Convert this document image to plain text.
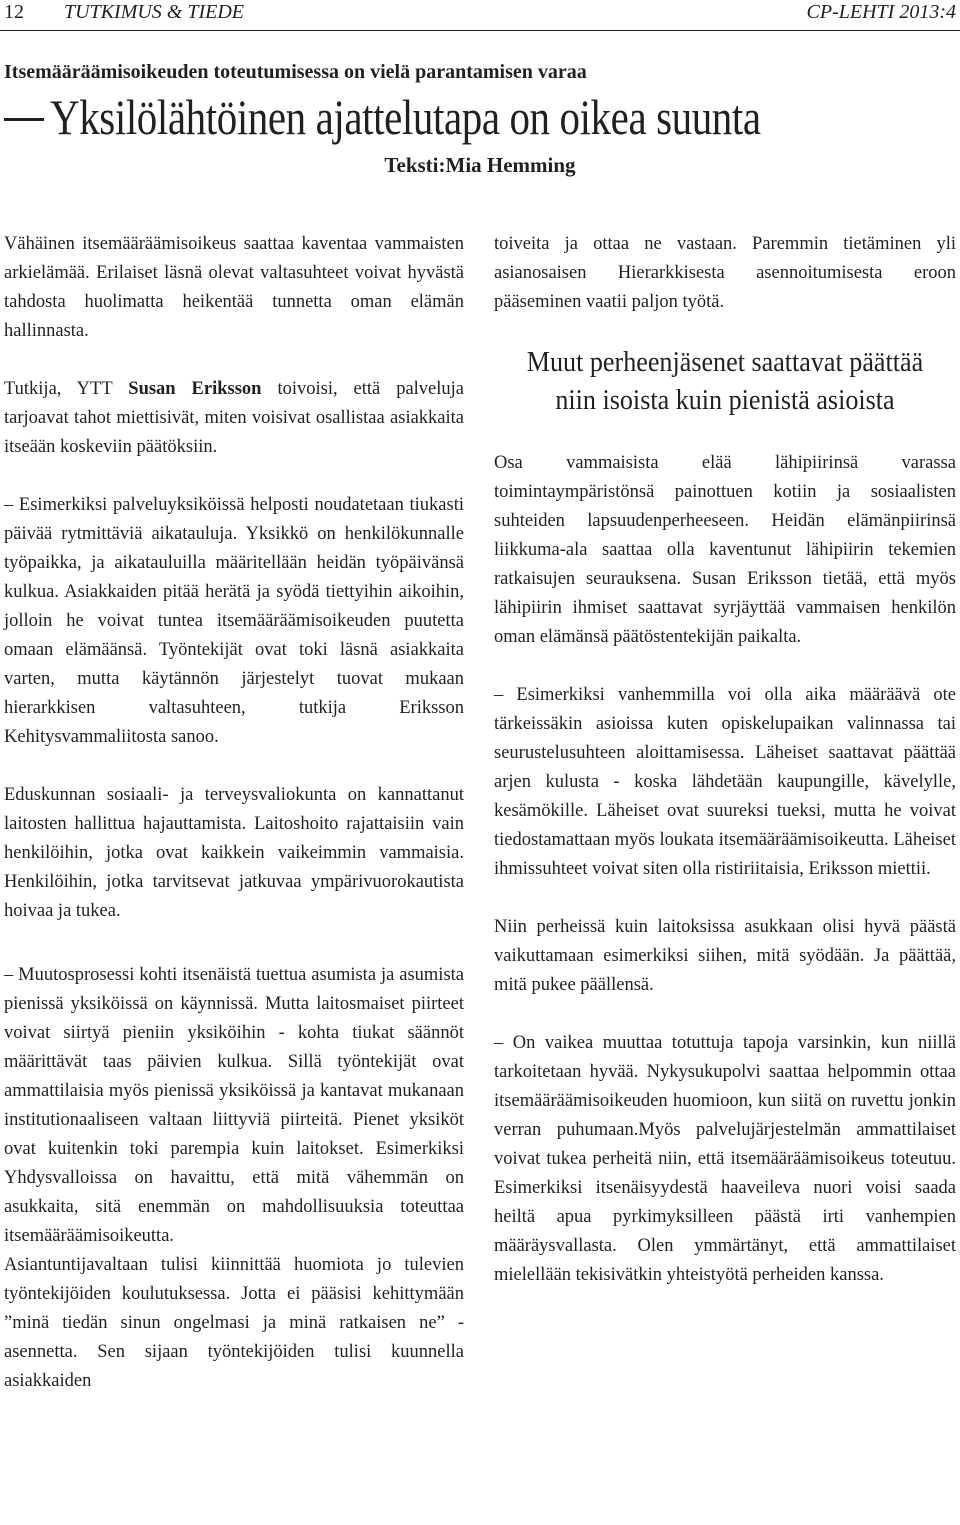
12 TUTKIMUS & TIEDE	CP-LEHTI 2013:4
Itsemääräämisoikeuden toteutumisessa on vielä parantamisen varaa
Yksilölähtöinen ajattelutapa on oikea suunta
Teksti:Mia Hemming

Vähäinen itsemääräämisoikeus saattaa kaventaa vammaisten arkielämää. Erilaiset läsnä olevat valtasuhteet voivat hyvästä tahdosta huolimatta heikentää tunnetta oman elämän hallinnasta.

Tutkija, YTT Susan Eriksson toivoisi, että palveluja tarjoavat tahot miettisivät, miten voisivat osallistaa asiakkaita itseään koskeviin päätöksiin.

– Esimerkiksi palveluyksiköissä helposti noudatetaan tiukasti päivää rytmittäviä aikatauluja. Yksikkö on henkilökunnalle työpaikka, ja aikatauluilla määritellään heidän työpäivänsä kulkua. Asiakkaiden pitää herätä ja syödä tiettyihin aikoihin, jolloin he voivat tuntea itsemääräämisoikeuden puutetta omaan elämäänsä. Työntekijät ovat toki läsnä asiakkaita varten, mutta käytännön järjestelyt tuovat mukaan hierarkkisen valtasuhteen, tutkija Eriksson Kehitysvammaliitosta sanoo.

Eduskunnan sosiaali- ja terveysvaliokunta on kannattanut laitosten hallittua hajauttamista. Laitoshoito rajattaisiin vain henkilöihin, jotka ovat kaikkein vaikeimmin vammaisia. Henkilöihin, jotka tarvitsevat jatkuvaa ympärivuorokautista hoivaa ja tukea.

– Muutosprosessi kohti itsenäistä tuettua asumista ja asumista pienissä yksiköissä on käynnissä. Mutta laitosmaiset piirteet voivat siirtyä pieniin yksiköihin - kohta tiukat säännöt määrittävät taas päivien kulkua. Sillä työntekijät ovat ammattilaisia myös pienissä yksiköissä ja kantavat mukanaan institutionaaliseen valtaan liittyviä piirteitä. Pienet yksiköt ovat kuitenkin toki parempia kuin laitokset. Esimerkiksi Yhdysvalloissa on havaittu, että mitä vähemmän on asukkaita, sitä enemmän on mahdollisuuksia toteuttaa itsemääräämisoikeutta.

Asiantuntijavaltaan tulisi kiinnittää huomiota jo tulevien työntekijöiden koulutuksessa. Jotta ei pääsisi kehittymään ”minä tiedän sinun ongelmasi ja minä ratkaisen ne” -asennetta. Sen sijaan työntekijöiden tulisi kuunnella asiakkaiden

toiveita ja ottaa ne vastaan. Paremmin tietäminen yli asianosaisen Hierarkkisesta asennoitumisesta eroon pääseminen vaatii paljon työtä.

Muut perheenjäsenet saattavat päättää niin isoista kuin pienistä asioista

Osa vammaisista elää lähipiirinsä varassa toimintaympäristönsä painottuen kotiin ja sosiaalisten suhteiden lapsuudenperheeseen. Heidän elämänpiirinsä liikkuma-ala saattaa olla kaventunut lähipiirin tekemien ratkaisujen seurauksena. Susan Eriksson tietää, että myös lähipiirin ihmiset saattavat syrjäyttää vammaisen henkilön oman elämänsä päätöstentekijän paikalta.

– Esimerkiksi vanhemmilla voi olla aika määräävä ote tärkeissäkin asioissa kuten opiskelupaikan valinnassa tai seurustelusuhteen aloittamisessa. Läheiset saattavat päättää arjen kulusta - koska lähdetään kaupungille, kävelylle, kesämökille. Läheiset ovat suureksi tueksi, mutta he voivat tiedostamattaan myös loukata itsemääräämisoikeutta. Läheiset ihmissuhteet voivat siten olla ristiriitaisia, Eriksson miettii.

Niin perheissä kuin laitoksissa asukkaan olisi hyvä päästä vaikuttamaan esimerkiksi siihen, mitä syödään. Ja päättää, mitä pukee päällensä.

– On vaikea muuttaa totuttuja tapoja varsinkin, kun niillä tarkoitetaan hyvää. Nykysukupolvi saattaa helpommin ottaa itsemääräämisoikeuden huomioon, kun siitä on ruvettu jonkin verran puhumaan.Myös palvelujärjestelmän ammattilaiset voivat tukea perheitä niin, että itsemääräämisoikeus toteutuu. Esimerkiksi itsenäisyydestä haaveileva nuori voisi saada heiltä apua pyrkimyksilleen päästä irti vanhempien määräysvallasta. Olen ymmärtänyt, että ammattilaiset mielellään tekisivätkin yhteistyötä perheiden kanssa.
